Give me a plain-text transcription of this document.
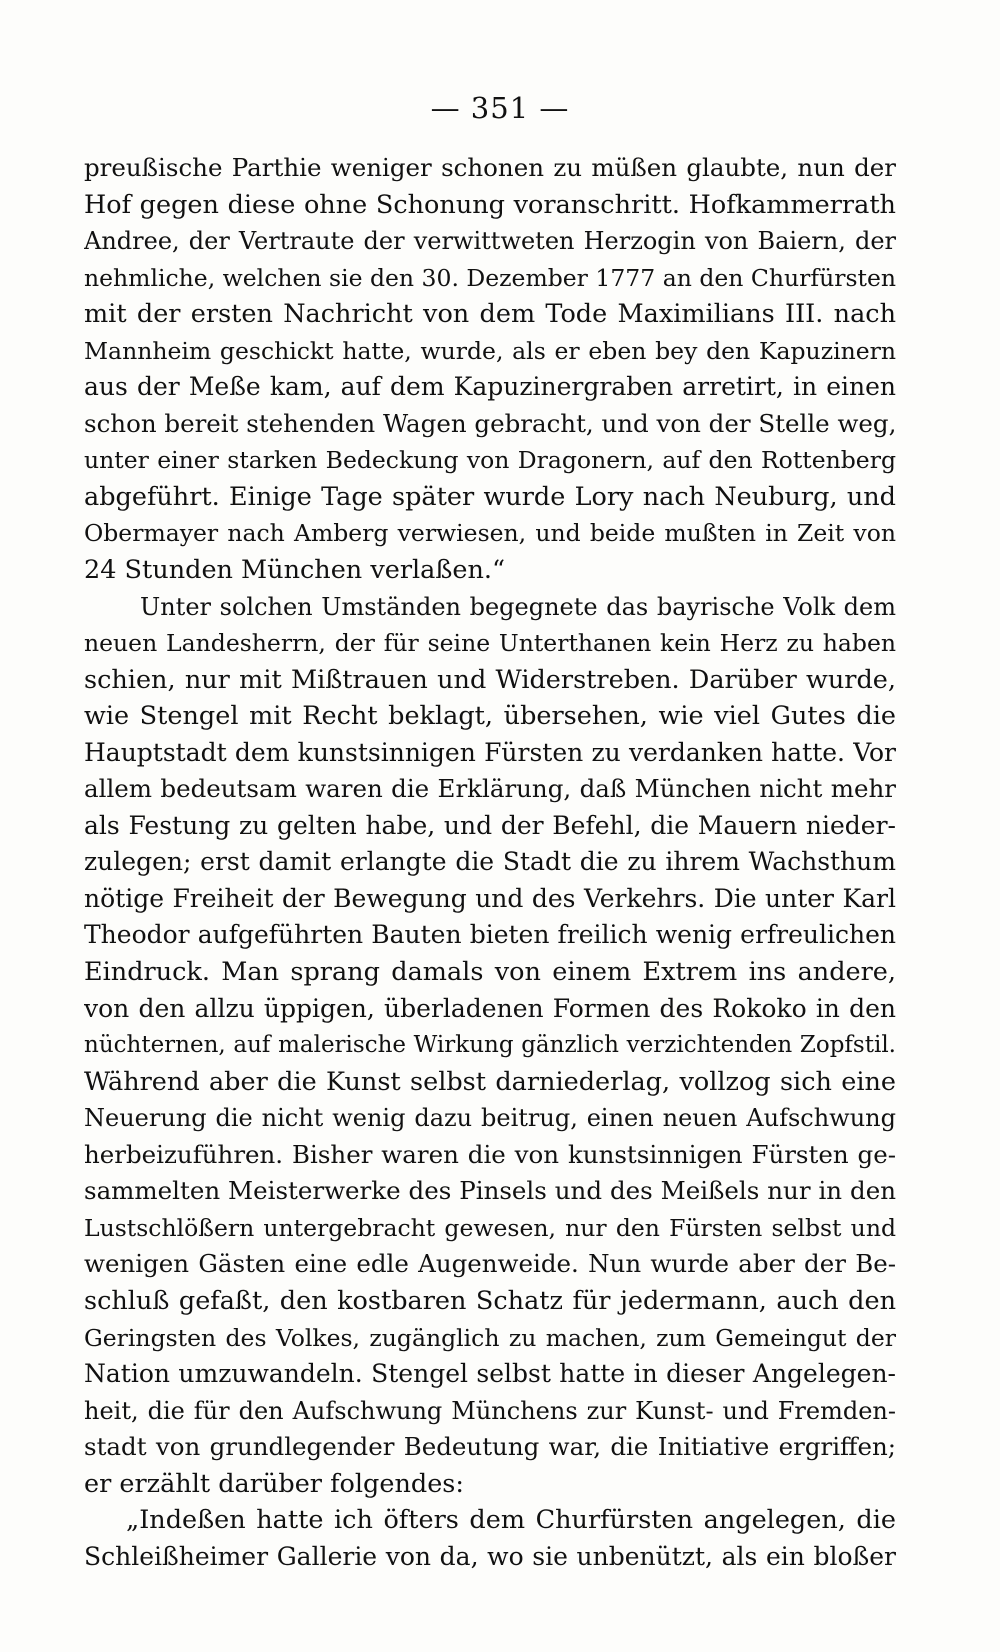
— 351 —
preußische Parthie weniger schonen zu müßen glaubte, nun der
Hof gegen diese ohne Schonung voranschritt. Hofkammerrath
Andree, der Vertraute der verwittweten Herzogin von Baiern, der
nehmliche, welchen sie den 30. Dezember 1777 an den Churfürsten
mit der ersten Nachricht von dem Tode Maximilians III. nach
Mannheim geschickt hatte, wurde, als er eben bey den Kapuzinern
aus der Meße kam, auf dem Kapuzinergraben arretirt, in einen
schon bereit stehenden Wagen gebracht, und von der Stelle weg,
unter einer starken Bedeckung von Dragonern, auf den Rottenberg
abgeführt. Einige Tage später wurde Lory nach Neuburg, und
Obermayer nach Amberg verwiesen, und beide mußten in Zeit von
24 Stunden München verlaßen.“
Unter solchen Umständen begegnete das bayrische Volk dem
neuen Landesherrn, der für seine Unterthanen kein Herz zu haben
schien, nur mit Mißtrauen und Widerstreben. Darüber wurde,
wie Stengel mit Recht beklagt, übersehen, wie viel Gutes die
Hauptstadt dem kunstsinnigen Fürsten zu verdanken hatte. Vor
allem bedeutsam waren die Erklärung, daß München nicht mehr
als Festung zu gelten habe, und der Befehl, die Mauern nieder-
zulegen; erst damit erlangte die Stadt die zu ihrem Wachsthum
nötige Freiheit der Bewegung und des Verkehrs. Die unter Karl
Theodor aufgeführten Bauten bieten freilich wenig erfreulichen
Eindruck. Man sprang damals von einem Extrem ins andere,
von den allzu üppigen, überladenen Formen des Rokoko in den
nüchternen, auf malerische Wirkung gänzlich verzichtenden Zopfstil.
Während aber die Kunst selbst darniederlag, vollzog sich eine
Neuerung die nicht wenig dazu beitrug, einen neuen Aufschwung
herbeizuführen. Bisher waren die von kunstsinnigen Fürsten ge-
sammelten Meisterwerke des Pinsels und des Meißels nur in den
Lustschlößern untergebracht gewesen, nur den Fürsten selbst und
wenigen Gästen eine edle Augenweide. Nun wurde aber der Be-
schluß gefaßt, den kostbaren Schatz für jedermann, auch den
Geringsten des Volkes, zugänglich zu machen, zum Gemeingut der
Nation umzuwandeln. Stengel selbst hatte in dieser Angelegen-
heit, die für den Aufschwung Münchens zur Kunst- und Fremden-
stadt von grundlegender Bedeutung war, die Initiative ergriffen;
er erzählt darüber folgendes:
„Indeßen hatte ich öfters dem Churfürsten angelegen, die
Schleißheimer Gallerie von da, wo sie unbenützt, als ein bloßer
